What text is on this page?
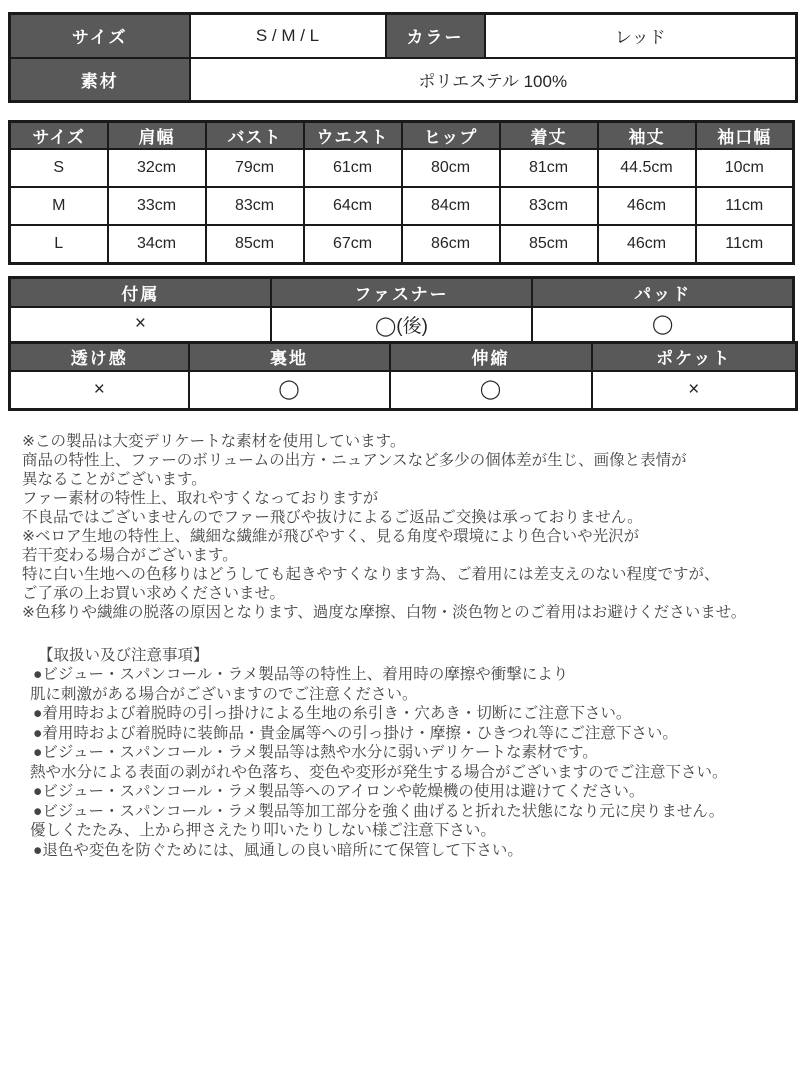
サイズ	S / M / L	カラー	レッド
素材	ポリエステル 100%		
サイズ	肩幅	バスト	ウエスト	ヒップ	着丈	袖丈	袖口幅
S	32cm	79cm	61cm	80cm	81cm	44.5cm	10cm
M	33cm	83cm	64cm	84cm	83cm	46cm	11cm
L	34cm	85cm	67cm	86cm	85cm	46cm	11cm
付属	ファスナー	パッド
×	◯(後)	◯
透け感	裏地	伸縮	ポケット
×	◯	◯	×
※この製品は大変デリケートな素材を使用しています。
商品の特性上、ファーのボリュームの出方・ニュアンスなど多少の個体差が生じ、画像と表情が
異なることがございます。
ファー素材の特性上、取れやすくなっておりますが
不良品ではございませんのでファー飛びや抜けによるご返品ご交換は承っておりません。
※ベロア生地の特性上、繊細な繊維が飛びやすく、見る角度や環境により色合いや光沢が
若干変わる場合がございます。
特に白い生地への色移りはどうしても起きやすくなります為、ご着用には差支えのない程度ですが、
ご了承の上お買い求めくださいませ。
※色移りや繊維の脱落の原因となります、過度な摩擦、白物・淡色物とのご着用はお避けくださいませ。
【取扱い及び注意事項】
●ビジュー・スパンコール・ラメ製品等の特性上、着用時の摩擦や衝撃により
肌に刺激がある場合がございますのでご注意ください。
●着用時および着脱時の引っ掛けによる生地の糸引き・穴あき・切断にご注意下さい。
●着用時および着脱時に装飾品・貴金属等への引っ掛け・摩擦・ひきつれ等にご注意下さい。
●ビジュー・スパンコール・ラメ製品等は熱や水分に弱いデリケートな素材です。
熱や水分による表面の剥がれや色落ち、変色や変形が発生する場合がございますのでご注意下さい。
●ビジュー・スパンコール・ラメ製品等へのアイロンや乾燥機の使用は避けてください。
●ビジュー・スパンコール・ラメ製品等加工部分を強く曲げると折れた状態になり元に戻りません。
優しくたたみ、上から押さえたり叩いたりしない様ご注意下さい。
●退色や変色を防ぐためには、風通しの良い暗所にて保管して下さい。
